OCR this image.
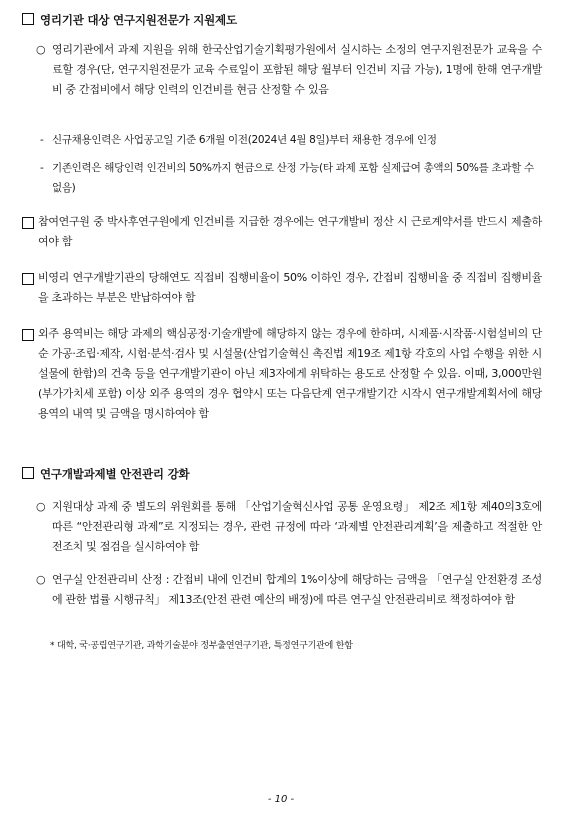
영리기관 대상 연구지원전문가 지원제도
○ 영리기관에서 과제 지원을 위해 한국산업기술기획평가원에서 실시하는 소정의 연구지원전문가 교육을 수료할 경우(단, 연구지원전문가 교육 수료일이 포함된 해당 월부터 인건비 지급 가능), 1명에 한해 연구개발비 중 간접비에서 해당 인력의 인건비를 현금 산정할 수 있음
- 신규채용인력은 사업공고일 기준 6개월 이전(2024년 4월 8일)부터 채용한 경우에 인정
- 기존인력은 해당인력 인건비의 50%까지 현금으로 산정 가능(타 과제 포함 실제급여 총액의 50%를 초과할 수 없음)
참여연구원 중 박사후연구원에게 인건비를 지급한 경우에는 연구개발비 정산 시 근로계약서를 반드시 제출하여야 함
비영리 연구개발기관의 당해연도 직접비 집행비율이 50% 이하인 경우, 간접비 집행비율 중 직접비 집행비율을 초과하는 부분은 반납하여야 함
외주 용역비는 해당 과제의 핵심공정·기술개발에 해당하지 않는 경우에 한하며, 시제품·시작품·시험설비의 단순 가공·조립·제작, 시험·분석·검사 및 시설물(산업기술혁신 촉진법 제19조 제1항 각호의 사업 수행을 위한 시설물에 한함)의 건축 등을 연구개발기관이 아닌 제3자에게 위탁하는 용도로 산정할 수 있음. 이때, 3,000만원(부가가치세 포함) 이상 외주 용역의 경우 협약시 또는 다음단계 연구개발기간 시작시 연구개발계획서에 해당 용역의 내역 및 금액을 명시하여야 함
연구개발과제별 안전관리 강화
○ 지원대상 과제 중 별도의 위원회를 통해 「산업기술혁신사업 공통 운영요령」 제2조 제1항 제40의3호에 따른 “안전관리형 과제”로 지정되는 경우, 관련 규정에 따라 ‘과제별 안전관리계획’을 제출하고 적절한 안전조치 및 점검을 실시하여야 함
○ 연구실 안전관리비 산정 : 간접비 내에 인건비 합계의 1%이상에 해당하는 금액을 「연구실 안전환경 조성에 관한 법률 시행규칙」 제13조(안전 관련 예산의 배정)에 따른 연구실 안전관리비로 책정하여야 함
* 대학, 국·공립연구기관, 과학기술분야 정부출연연구기관, 특정연구기관에 한함
- 10 -
